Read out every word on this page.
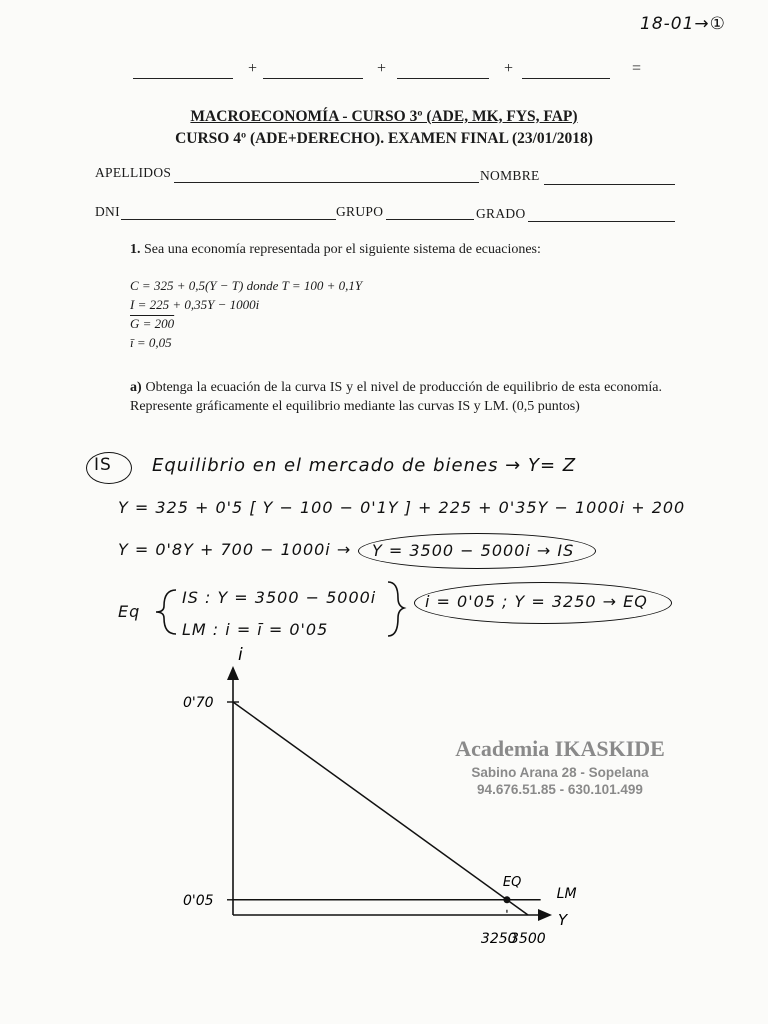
18-01→①
+	+	+	=
MACROECONOMÍA - CURSO 3º (ADE, MK, FYS, FAP)
CURSO 4º (ADE+DERECHO). EXAMEN FINAL (23/01/2018)
APELLIDOS	NOMBRE
DNI	GRUPO	GRADO
1. Sea una economía representada por el siguiente sistema de ecuaciones:
C = 325 + 0,5(Y − T) donde T = 100 + 0,1Y
I = 225 + 0,35Y − 1000i
G = 200
ī = 0,05
a) Obtenga la ecuación de la curva IS y el nivel de producción de equilibrio de esta economía. Represente gráficamente el equilibrio mediante las curvas IS y LM. (0,5 puntos)
IS Equilibrio en el mercado de bienes → Y= Z
Y = 325 + 0'5 [ Y − 100 − 0'1Y ] + 225 + 0'35Y − 1000i + 200
Y = 0'8Y + 700 − 1000i → Y = 3500 − 5000i → IS
Eq
IS : Y = 3500 − 5000i
LM : i = ī = 0'05
i = 0'05 ; Y = 3250 → EQ
i
Y
LM
0'70
0'05
3250
3500
EQ
Academia IKASKIDE
Sabino Arana 28 - Sopelana
94.676.51.85 - 630.101.499
